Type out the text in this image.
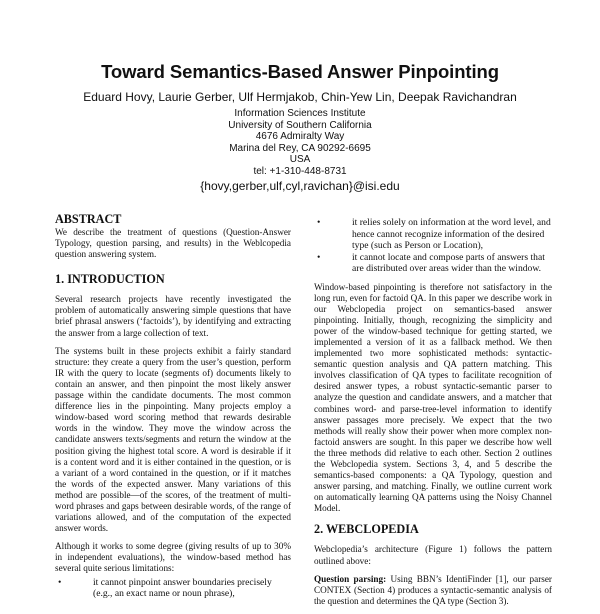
Toward Semantics-Based Answer Pinpointing
Eduard Hovy, Laurie Gerber, Ulf Hermjakob, Chin-Yew Lin, Deepak Ravichandran
Information Sciences Institute
University of Southern California
4676 Admiralty Way
Marina del Rey, CA 90292-6695
USA
tel: +1-310-448-8731
{hovy,gerber,ulf,cyl,ravichan}@isi.edu
ABSTRACT

We describe the treatment of questions (Question-Answer Typology, question parsing, and results) in the Weblcopedia question answering system.

1. INTRODUCTION

Several research projects have recently investigated the problem of automatically answering simple questions that have brief phrasal answers (‘factoids’), by identifying and extracting the answer from a large collection of text.

The systems built in these projects exhibit a fairly standard structure: they create a query from the user’s question, perform IR with the query to locate (segments of) documents likely to contain an answer, and then pinpoint the most likely answer passage within the candidate documents. The most common difference lies in the pinpointing. Many projects employ a window-based word scoring method that rewards desirable words in the window. They move the window across the candidate answers texts/segments and return the window at the position giving the highest total score. A word is desirable if it is a content word and it is either contained in the question, or is a variant of a word contained in the question, or if it matches the words of the expected answer. Many variations of this method are possible—of the scores, of the treatment of multi-word phrases and gaps between desirable words, of the range of variations allowed, and of the computation of the expected answer words.

Although it works to some degree (giving results of up to 30% in independent evaluations), the window-based method has several quite serious limitations:

•	it cannot pinpoint answer boundaries precisely (e.g., an exact name or noun phrase),
•	it relies solely on information at the word level, and hence cannot recognize information of the desired type (such as Person or Location),
•	it cannot locate and compose parts of answers that are distributed over areas wider than the window.

Window-based pinpointing is therefore not satisfactory in the long run, even for factoid QA. In this paper we describe work in our Webclopedia project on semantics-based answer pinpointing. Initially, though, recognizing the simplicity and power of the window-based technique for getting started, we implemented a version of it as a fallback method. We then implemented two more sophisticated methods: syntactic-semantic question analysis and QA pattern matching. This involves classification of QA types to facilitate recognition of desired answer types, a robust syntactic-semantic parser to analyze the question and candidate answers, and a matcher that combines word- and parse-tree-level information to identify answer passages more precisely. We expect that the two methods will really show their power when more complex non-factoid answers are sought. In this paper we describe how well the three methods did relative to each other. Section 2 outlines the Webclopedia system. Sections 3, 4, and 5 describe the semantics-based components: a QA Typology, question and answer parsing, and matching. Finally, we outline current work on automatically learning QA patterns using the Noisy Channel Model.

2. WEBCLOPEDIA

Webclopedia’s architecture (Figure 1) follows the pattern outlined above:

Question parsing: Using BBN’s IdentiFinder [1], our parser CONTEX (Section 4) produces a syntactic-semantic analysis of the question and determines the QA type (Section 3).
